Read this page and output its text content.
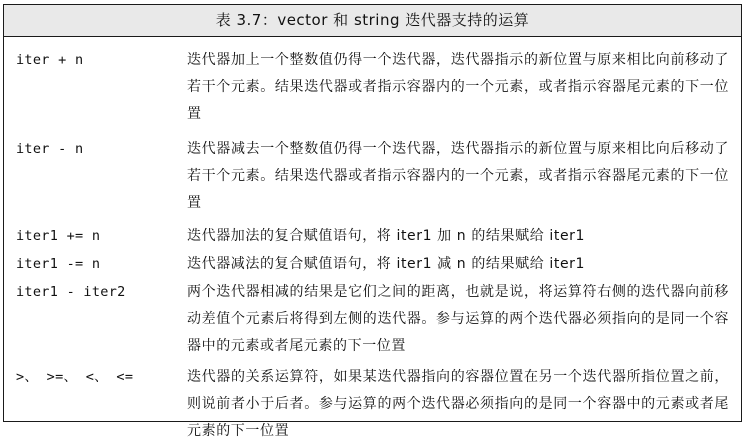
表 3.7：vector 和 string 迭代器支持的运算
iter + n	迭代器加上一个整数值仍得一个迭代器，迭代器指示的新位置与原来相比向前移动了若干个元素。结果迭代器或者指示容器内的一个元素，或者指示容器尾元素的下一位置
iter - n	迭代器减去一个整数值仍得一个迭代器，迭代器指示的新位置与原来相比向后移动了若干个元素。结果迭代器或者指示容器内的一个元素，或者指示容器尾元素的下一位置
iter1 += n	迭代器加法的复合赋值语句，将 iter1 加 n 的结果赋给 iter1
iter1 -= n	迭代器减法的复合赋值语句，将 iter1 减 n 的结果赋给 iter1
iter1 - iter2	两个迭代器相减的结果是它们之间的距离，也就是说，将运算符右侧的迭代器向前移动差值个元素后将得到左侧的迭代器。参与运算的两个迭代器必须指向的是同一个容器中的元素或者尾元素的下一位置
>、 >=、 <、 <=	迭代器的关系运算符，如果某迭代器指向的容器位置在另一个迭代器所指位置之前，则说前者小于后者。参与运算的两个迭代器必须指向的是同一个容器中的元素或者尾元素的下一位置
